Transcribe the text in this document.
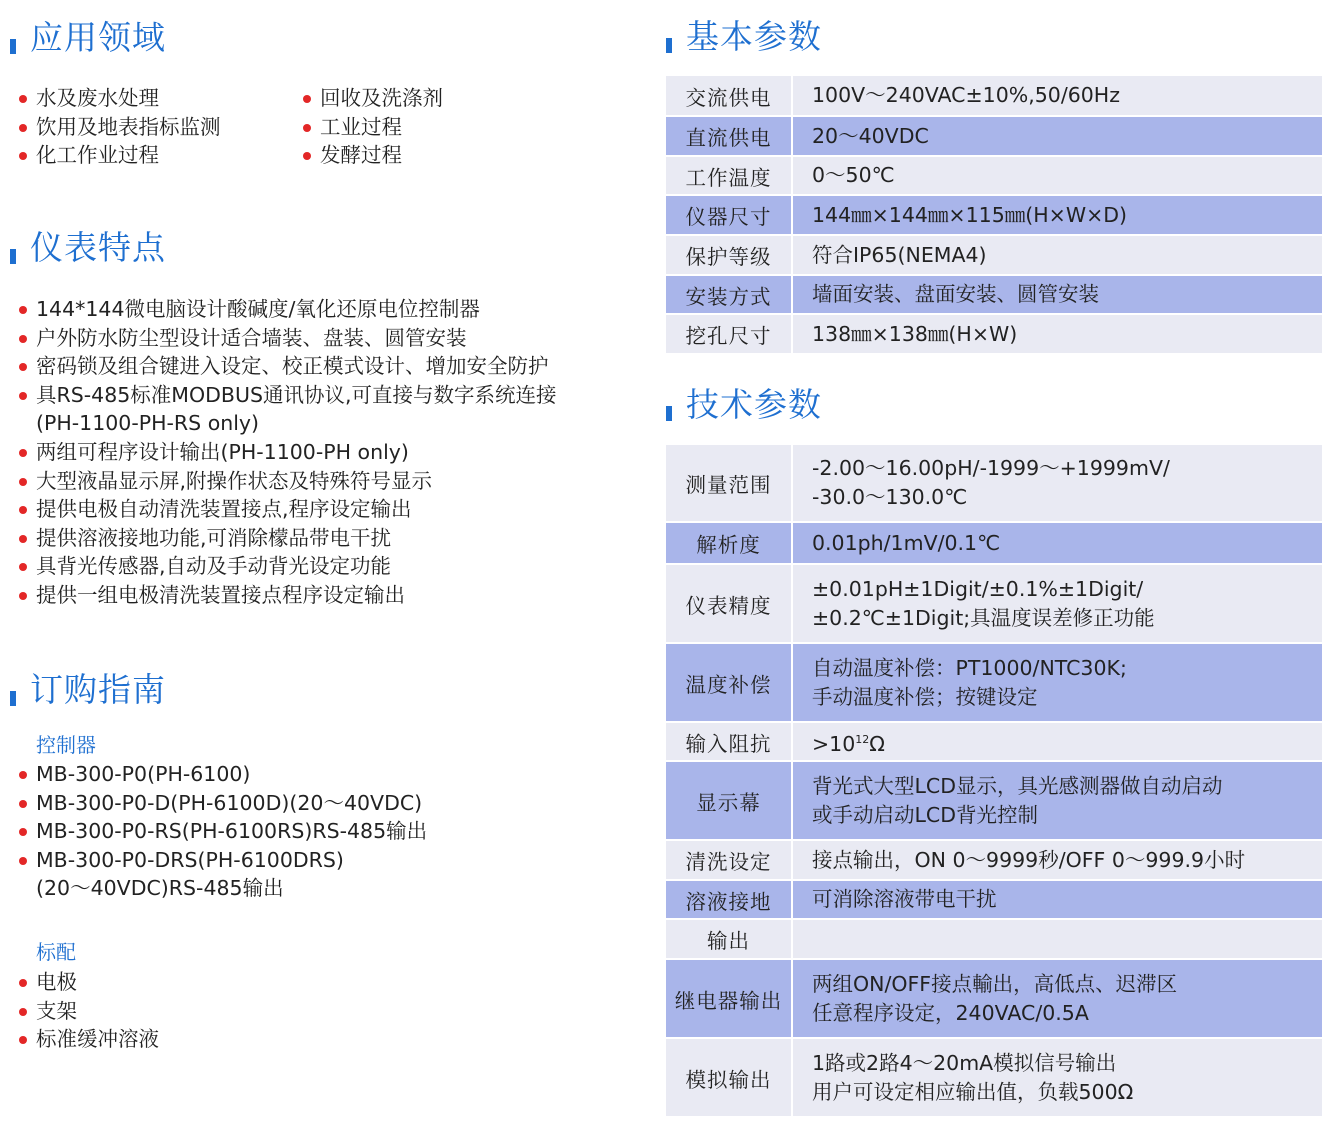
应用领域
水及废水处理
饮用及地表指标监测
化工作业过程
回收及洗涤剂
工业过程
发酵过程
仪表特点
144*144微电脑设计酸碱度/氧化还原电位控制器
户外防水防尘型设计适合墙装、盘装、圆管安装
密码锁及组合键进入设定、校正模式设计、增加安全防护
具RS-485标准MODBUS通讯协议,可直接与数字系统连接
(PH-1100-PH-RS only)
两组可程序设计输出(PH-1100-PH only)
大型液晶显示屏,附操作状态及特殊符号显示
提供电极自动清洗装置接点,程序设定输出
提供溶液接地功能,可消除檬品带电干扰
具背光传感器,自动及手动背光设定功能
提供一组电极清洗装置接点程序设定输出
订购指南
控制器
MB-300-P0(PH-6100)
MB-300-P0-D(PH-6100D)(20～40VDC)
MB-300-P0-RS(PH-6100RS)RS-485输出
MB-300-P0-DRS(PH-6100DRS)
(20～40VDC)RS-485输出
标配
电极
支架
标准缓冲溶液
基本参数
交流供电	100V～240VAC±10%,50/60Hz
直流供电	20～40VDC
工作温度	0～50℃
仪器尺寸	144㎜×144㎜×115㎜(H×W×D)
保护等级	符合IP65(NEMA4)
安装方式	墙面安装、盘面安装、圆管安装
挖孔尺寸	138㎜×138㎜(H×W)
技术参数
测量范围	-2.00～16.00pH/-1999～+1999mV/
-30.0～130.0℃

解析度	0.01ph/1mV/0.1℃
仪表精度	±0.01pH±1Digit/±0.1%±1Digit/
±0.2℃±1Digit;具温度误差修正功能

温度补偿	自动温度补偿：PT1000/NTC30K;
手动温度补偿；按键设定

输入阻抗	$>10^{12}\Omega$
显示幕	背光式大型LCD显示，具光感测器做自动启动
或手动启动LCD背光控制

清洗设定	接点输出，ON 0～9999秒/OFF 0～999.9小时
溶液接地	可消除溶液带电干扰
输出	
继电器输出	两组ON/OFF接点輸出，高低点、迟滞区
任意程序设定，240VAC/0.5A

模拟输出	1路或2路4～20mA模拟信号输出
用户可设定相应输出值，负载500Ω
